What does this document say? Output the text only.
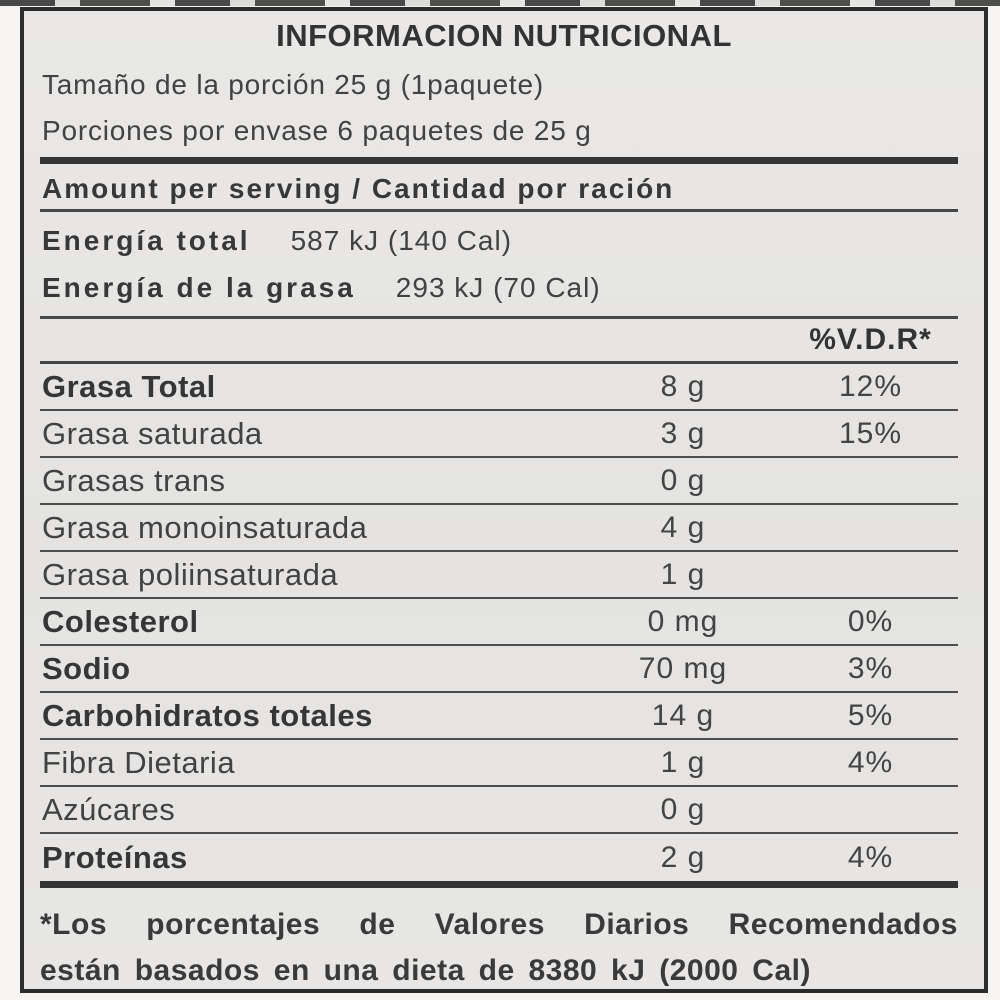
INFORMACION NUTRICIONAL
Tamaño de la porción 25 g (1paquete)
Porciones por envase 6 paquetes de 25 g
Amount per serving / Cantidad por ración
Energía total 587 kJ (140 Cal)
Energía de la grasa 293 kJ (70 Cal)
%V.D.R*
Grasa Total	8 g	12%
Grasa saturada	3 g	15%
Grasas trans	0 g
Grasa monoinsaturada	4 g
Grasa poliinsaturada	1 g
Colesterol	0 mg	0%
Sodio	70 mg	3%
Carbohidratos totales	14 g	5%
Fibra Dietaria	1 g	4%
Azúcares	0 g
Proteínas	2 g	4%
*Los porcentajes de Valores Diarios Recomendados
están basados en una dieta de 8380 kJ (2000 Cal)
